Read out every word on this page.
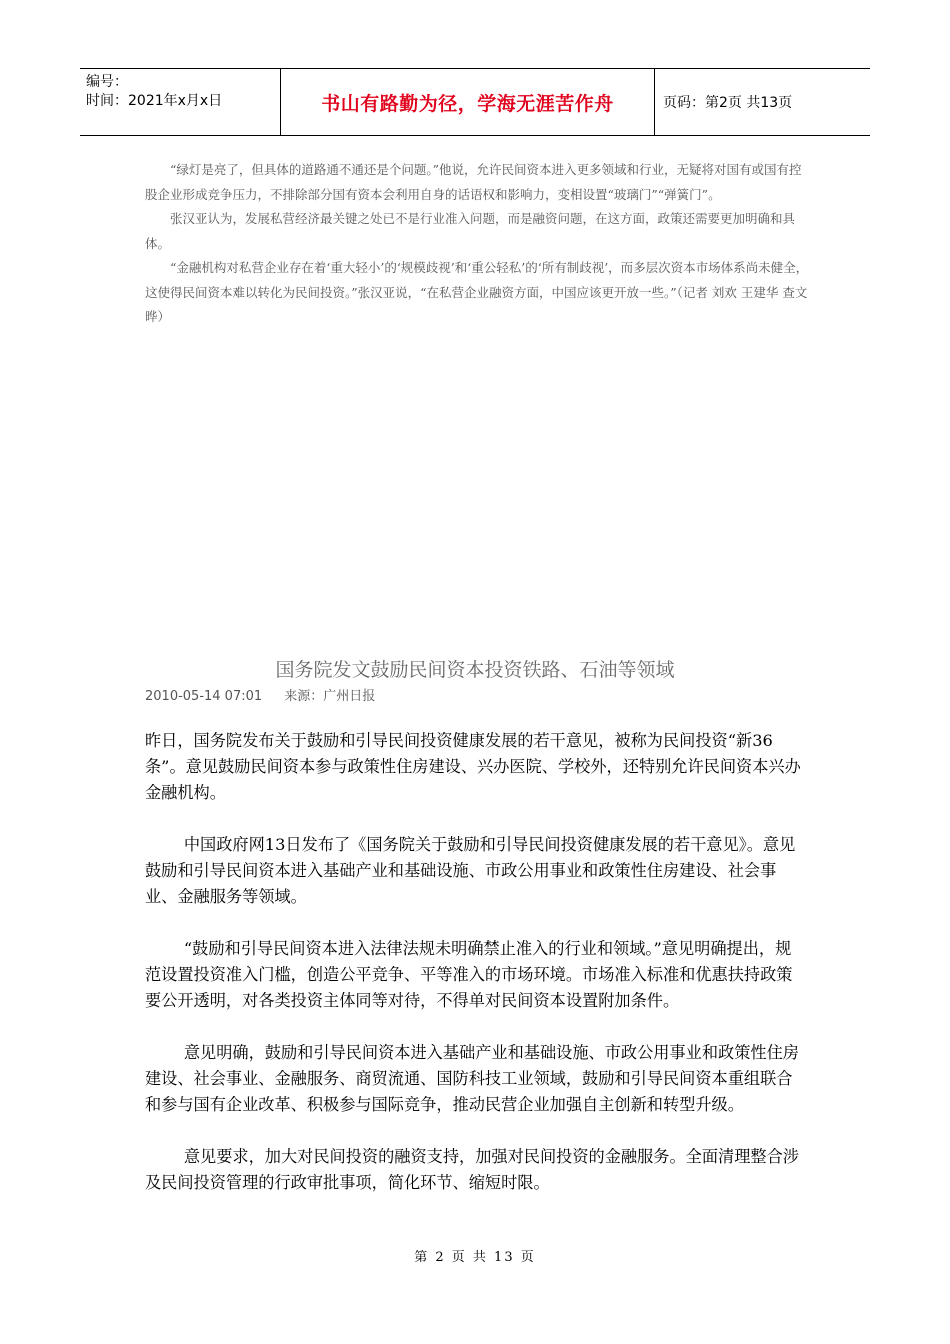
编号：
时间：2021年x月x日	书山有路勤为径，学海无涯苦作舟	页码：第2页 共13页

“绿灯是亮了，但具体的道路通不通还是个问题。”他说，允许民间资本进入更多领域和行业，无疑将对国有或国有控股企业形成竞争压力，不排除部分国有资本会利用自身的话语权和影响力，变相设置“玻璃门”“弹簧门”。

张汉亚认为，发展私营经济最关键之处已不是行业准入问题，而是融资问题，在这方面，政策还需要更加明确和具体。

“金融机构对私营企业存在着‘重大轻小’的‘规模歧视’和‘重公轻私’的‘所有制歧视’，而多层次资本市场体系尚未健全，这使得民间资本难以转化为民间投资。”张汉亚说，“在私营企业融资方面，中国应该更开放一些。”（记者 刘欢 王建华 查文晔）

国务院发文鼓励民间资本投资铁路、石油等领域
2010-05-14 07:01 来源：广州日报

昨日，国务院发布关于鼓励和引导民间投资健康发展的若干意见，被称为民间投资“新36条”。意见鼓励民间资本参与政策性住房建设、兴办医院、学校外，还特别允许民间资本兴办金融机构。

中国政府网13日发布了《国务院关于鼓励和引导民间投资健康发展的若干意见》。意见鼓励和引导民间资本进入基础产业和基础设施、市政公用事业和政策性住房建设、社会事业、金融服务等领域。

“鼓励和引导民间资本进入法律法规未明确禁止准入的行业和领域。”意见明确提出，规范设置投资准入门槛，创造公平竞争、平等准入的市场环境。市场准入标准和优惠扶持政策要公开透明，对各类投资主体同等对待，不得单对民间资本设置附加条件。

意见明确，鼓励和引导民间资本进入基础产业和基础设施、市政公用事业和政策性住房建设、社会事业、金融服务、商贸流通、国防科技工业领域，鼓励和引导民间资本重组联合和参与国有企业改革、积极参与国际竞争，推动民营企业加强自主创新和转型升级。

意见要求，加大对民间投资的融资支持，加强对民间投资的金融服务。全面清理整合涉及民间投资管理的行政审批事项，简化环节、缩短时限。

第 2 页 共 13 页
